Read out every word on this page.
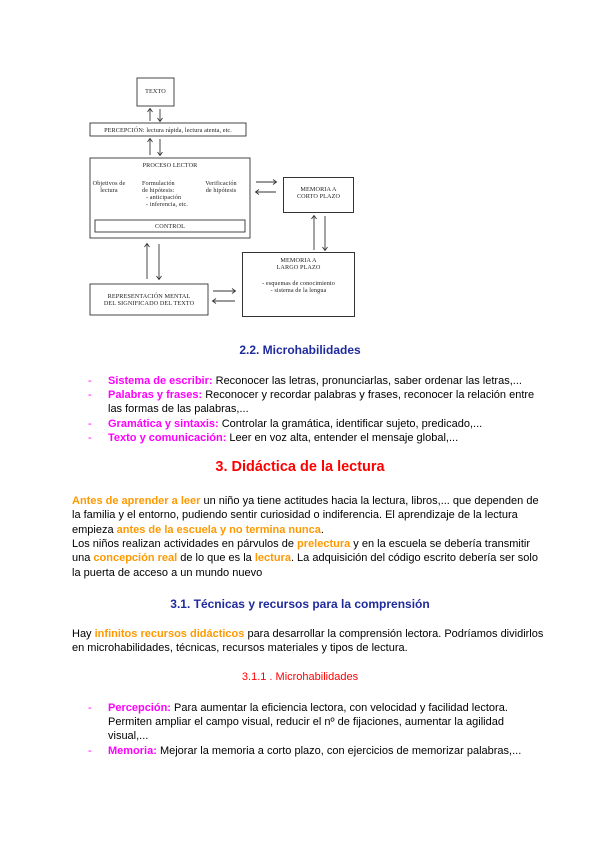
TEXTO
PERCEPCIÓN: lectura rápida, lectura atenta, etc.
PROCESO LECTOR
Objetivos de
lectura
Formulación
de hipótesis:
- anticipación
- inferencia, etc.
Verificación
de hipótesis
CONTROL
MEMORIA A
CORTO PLAZO
MEMORIA A
LARGO PLAZO
- esquemas de conocimiento
- sistema de la lengua
REPRESENTACIÓN MENTAL
DEL SIGNIFICADO DEL TEXTO
2.2. Microhabilidades
- Sistema de escribir: Reconocer las letras, pronunciarlas, saber ordenar las letras,...
- Palabras y frases: Reconocer y recordar palabras y frases, reconocer la relación entre las formas de las palabras,...
- Gramática y sintaxis: Controlar la gramática, identificar sujeto, predicado,...
- Texto y comunicación: Leer en voz alta, entender el mensaje global,...
3. Didáctica de la lectura
Antes de aprender a leer un niño ya tiene actitudes hacia la lectura, libros,... que dependen de la familia y el entorno, pudiendo sentir curiosidad o indiferencia. El aprendizaje de la lectura empieza antes de la escuela y no termina nunca.
Los niños realizan actividades en párvulos de prelectura y en la escuela se debería transmitir una concepción real de lo que es la lectura. La adquisición del código escrito debería ser solo la puerta de acceso a un mundo nuevo
3.1. Técnicas y recursos para la comprensión
Hay infinitos recursos didácticos para desarrollar la comprensión lectora. Podríamos dividirlos en microhabilidades, técnicas, recursos materiales y tipos de lectura.
3.1.1 . Microhabilidades
- Percepción: Para aumentar la eficiencia lectora, con velocidad y facilidad lectora. Permiten ampliar el campo visual, reducir el nº de fijaciones, aumentar la agilidad visual,...
- Memoria: Mejorar la memoria a corto plazo, con ejercicios de memorizar palabras,...
